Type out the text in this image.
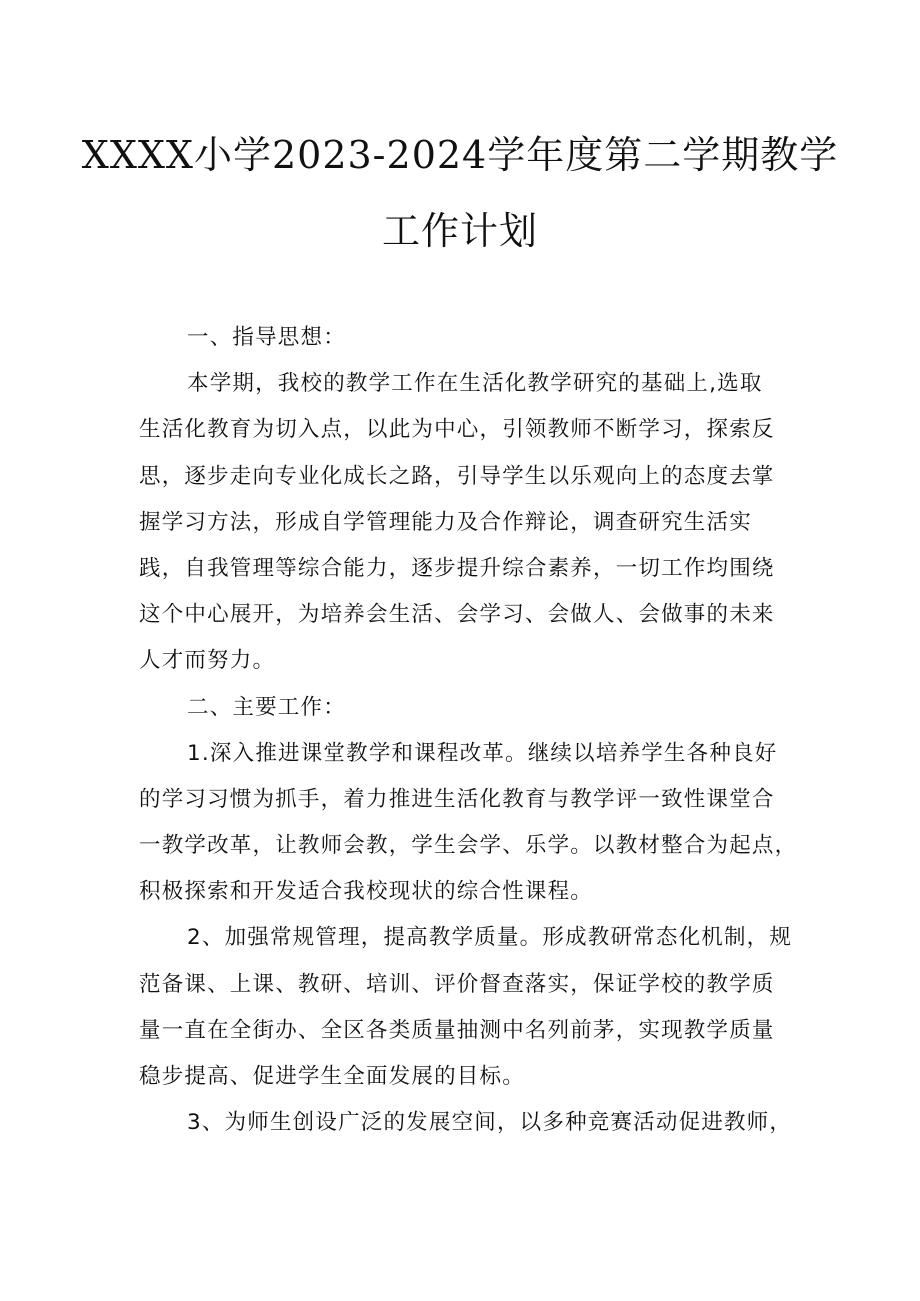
XXXX小学2023-2024学年度第二学期教学
工作计划
一、指导思想：
本学期，我校的教学工作在生活化教学研究的基础上,选取
生活化教育为切入点，以此为中心，引领教师不断学习，探索反
思，逐步走向专业化成长之路，引导学生以乐观向上的态度去掌
握学习方法，形成自学管理能力及合作辩论，调查研究生活实
践，自我管理等综合能力，逐步提升综合素养，一切工作均围绕
这个中心展开，为培养会生活、会学习、会做人、会做事的未来
人才而努力。
二、主要工作：
1.深入推进课堂教学和课程改革。继续以培养学生各种良好
的学习习惯为抓手，着力推进生活化教育与教学评一致性课堂合
一教学改革，让教师会教，学生会学、乐学。以教材整合为起点，
积极探索和开发适合我校现状的综合性课程。
2、加强常规管理，提高教学质量。形成教研常态化机制，规
范备课、上课、教研、培训、评价督查落实，保证学校的教学质
量一直在全街办、全区各类质量抽测中名列前茅，实现教学质量
稳步提高、促进学生全面发展的目标。
3、为师生创设广泛的发展空间，以多种竞赛活动促进教师，
